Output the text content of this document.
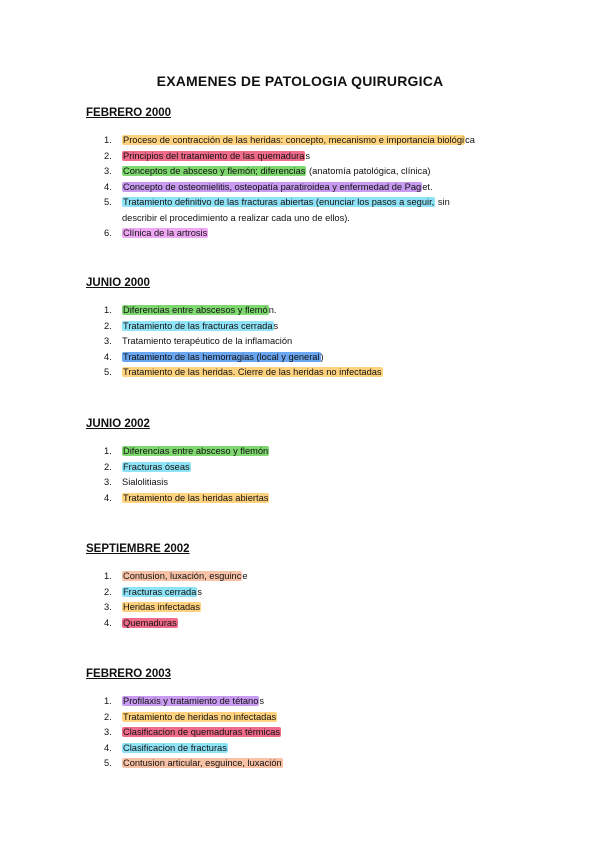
EXAMENES DE PATOLOGIA QUIRURGICA
FEBRERO 2000
1. Proceso de contracción de las heridas: concepto, mecanismo e importancia biológica
2. Principios del tratamiento de las quemaduras
3. Conceptos de absceso y flemón; diferencias (anatomía patológica, clínica)
4. Concepto de osteomielitis, osteopatía paratiroidea y enfermedad de Paget.
5. Tratamiento definitivo de las fracturas abiertas (enunciar los pasos a seguir, sin describir el procedimiento a realizar cada uno de ellos).
6. Clínica de la artrosis
JUNIO 2000
1. Diferencias entre abscesos y flemón.
2. Tratamiento de las fracturas cerradas
3. Tratamiento terapéutico de la inflamación
4. Tratamiento de las hemorragias (local y general)
5. Tratamiento de las heridas. Cierre de las heridas no infectadas
JUNIO 2002
1. Diferencias entre absceso y flemón
2. Fracturas óseas
3. Sialolitiasis
4. Tratamiento de las heridas abiertas
SEPTIEMBRE 2002
1. Contusion, luxación, esguince
2. Fracturas cerradas
3. Heridas infectadas
4. Quemaduras
FEBRERO 2003
1. Profilaxis y tratamiento de tétanos
2. Tratamiento de heridas no infectadas
3. Clasificacion de quemaduras térmicas
4. Clasificacion de fracturas
5. Contusion articular, esguince, luxación
